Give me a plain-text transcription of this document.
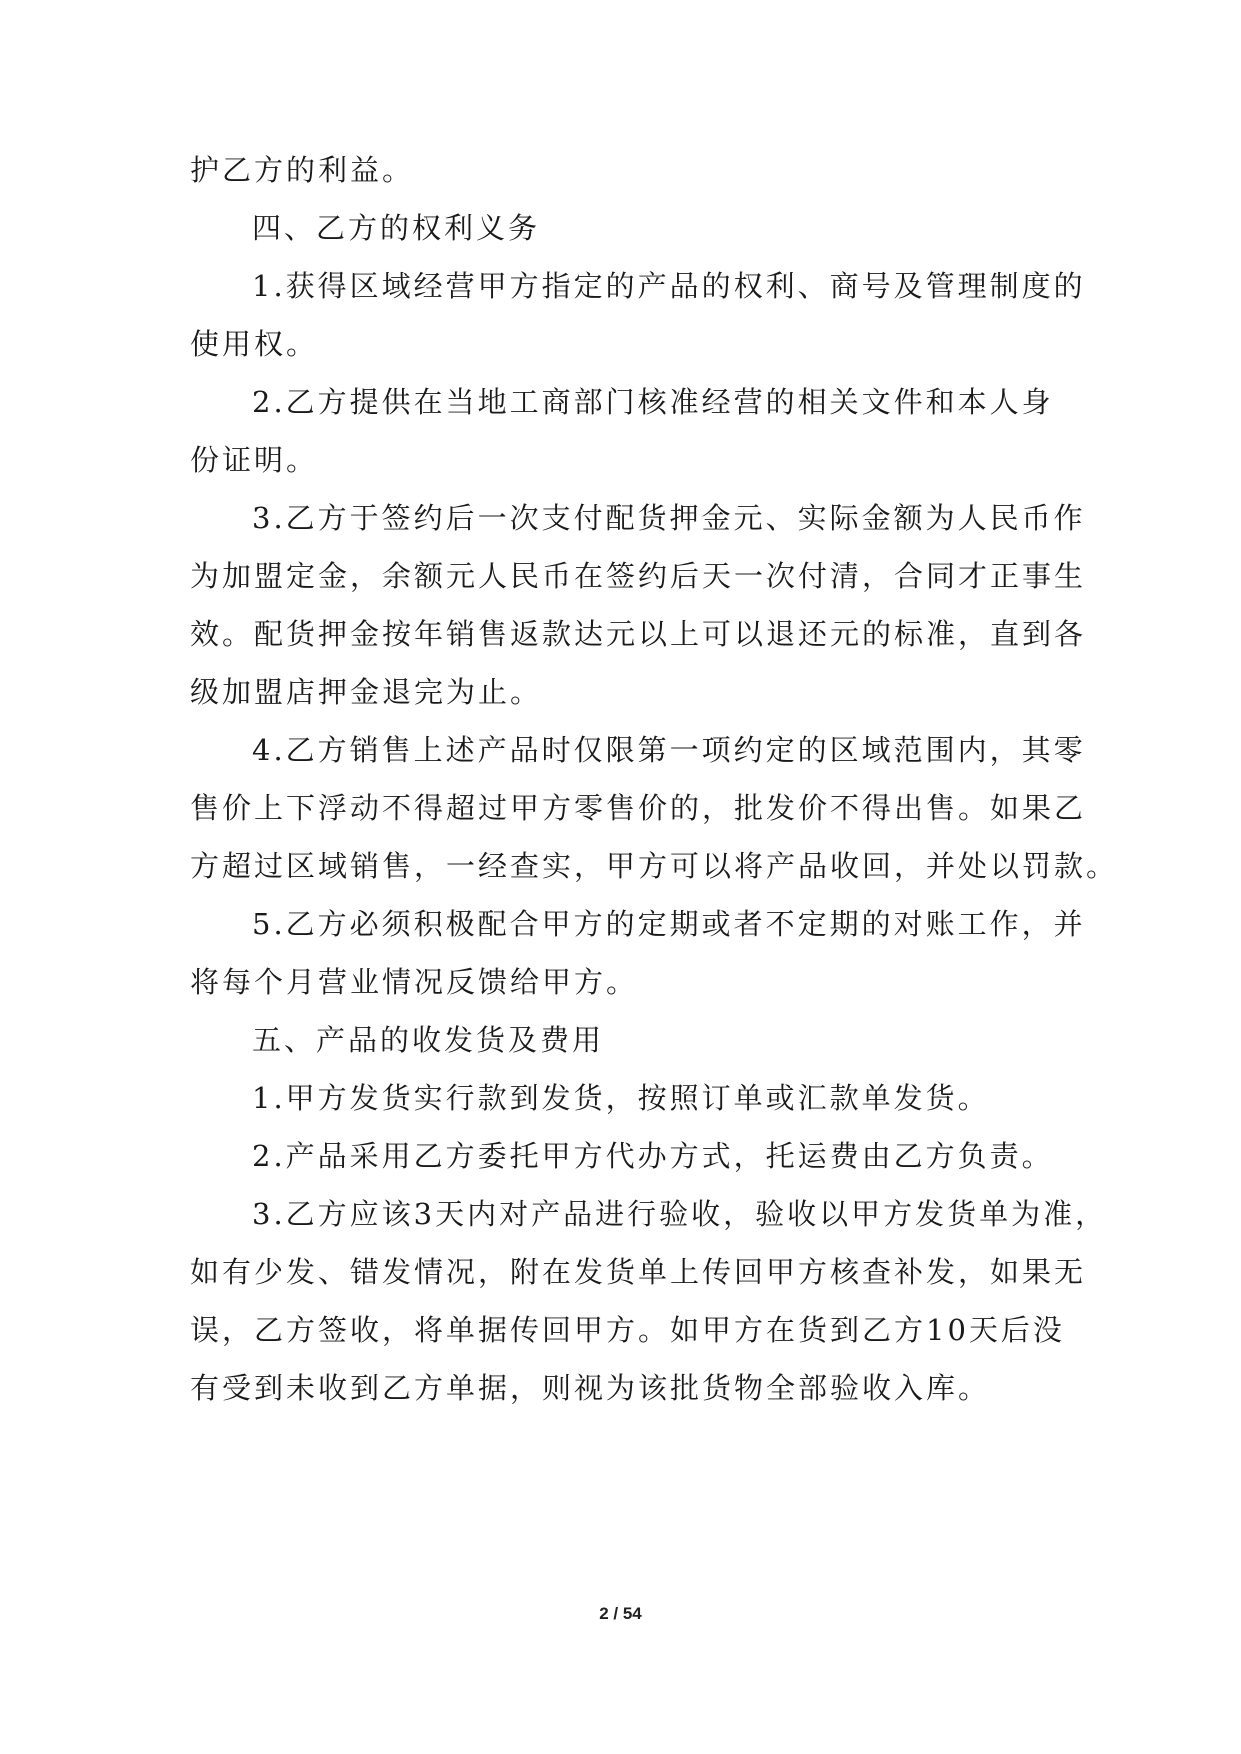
护乙方的利益。
四、乙方的权利义务
1.获得区域经营甲方指定的产品的权利、商号及管理制度的
使用权。
2.乙方提供在当地工商部门核准经营的相关文件和本人身
份证明。
3.乙方于签约后一次支付配货押金元、实际金额为人民币作
为加盟定金，余额元人民币在签约后天一次付清，合同才正事生
效。配货押金按年销售返款达元以上可以退还元的标准，直到各
级加盟店押金退完为止。
4.乙方销售上述产品时仅限第一项约定的区域范围内，其零
售价上下浮动不得超过甲方零售价的，批发价不得出售。如果乙
方超过区域销售，一经查实，甲方可以将产品收回，并处以罚款。
5.乙方必须积极配合甲方的定期或者不定期的对账工作，并
将每个月营业情况反馈给甲方。
五、产品的收发货及费用
1.甲方发货实行款到发货，按照订单或汇款单发货。
2.产品采用乙方委托甲方代办方式，托运费由乙方负责。
3.乙方应该3天内对产品进行验收，验收以甲方发货单为准，
如有少发、错发情况，附在发货单上传回甲方核查补发，如果无
误，乙方签收，将单据传回甲方。如甲方在货到乙方10天后没
有受到未收到乙方单据，则视为该批货物全部验收入库。
2 / 54
